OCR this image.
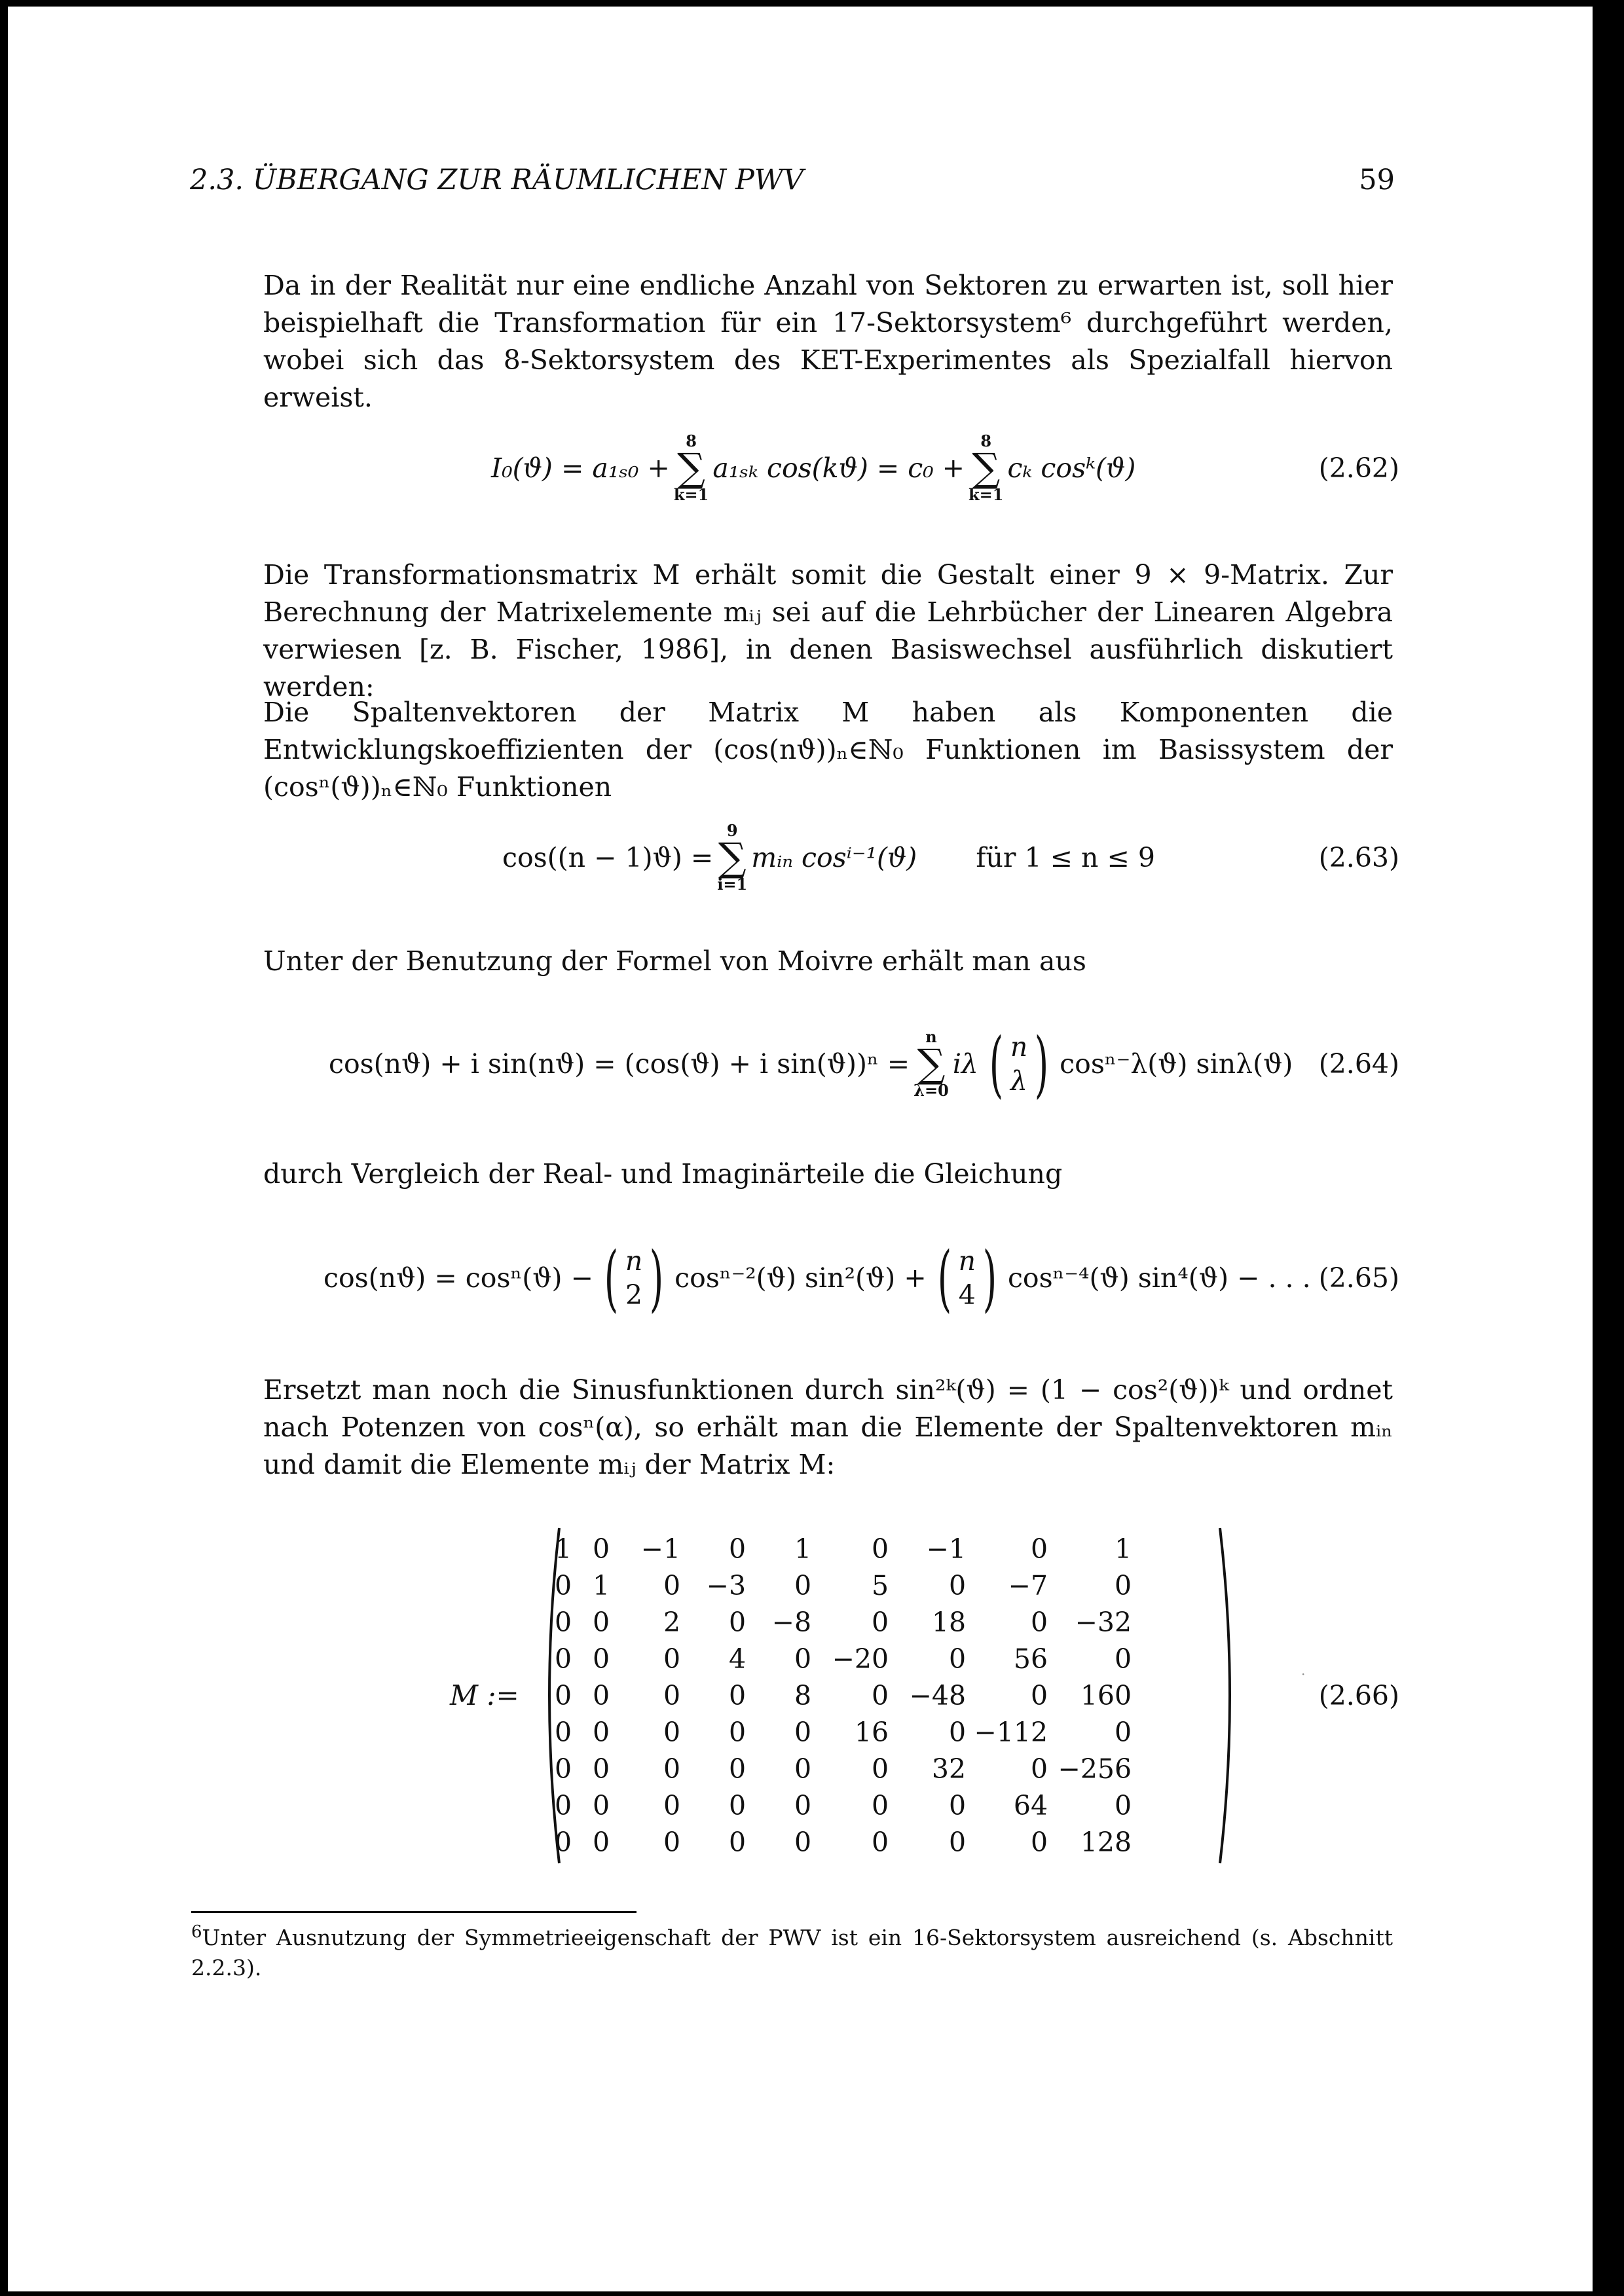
2.3. ÜBERGANG ZUR RÄUMLICHEN PWV	59
Da in der Realität nur eine endliche Anzahl von Sektoren zu erwarten ist, soll hier beispielhaft die Transformation für ein 17-Sektorsystem⁶ durchgeführt werden, wobei sich das 8-Sektorsystem des KET-Experimentes als Spezialfall hiervon erweist.
I₀(ϑ) = a₁ₛ₀ +
8
∑
k=1
a₁ₛₖ cos(kϑ) = c₀ +
8
∑
k=1
cₖ cosᵏ(ϑ)	(2.62)
Die Transformationsmatrix M erhält somit die Gestalt einer 9 × 9-Matrix. Zur Berechnung der Matrixelemente mᵢⱼ sei auf die Lehrbücher der Linearen Algebra verwiesen [z. B. Fischer, 1986], in denen Basiswechsel ausführlich diskutiert werden:
Die Spaltenvektoren der Matrix M haben als Komponenten die Entwicklungskoeffizienten der (cos(nϑ))ₙ∈ℕ₀ Funktionen im Basissystem der (cosⁿ(ϑ))ₙ∈ℕ₀ Funktionen
cos((n − 1)ϑ) =
9
∑
i=1
mᵢₙ cosⁱ⁻¹(ϑ) für 1 ≤ n ≤ 9	(2.63)
Unter der Benutzung der Formel von Moivre erhält man aus
cos(nϑ) + i sin(nϑ) = (cos(ϑ) + i sin(ϑ))ⁿ =
n
∑
λ=0
iλ ( n
λ ) cosⁿ⁻λ(ϑ) sinλ(ϑ) (2.64)
durch Vergleich der Real- und Imaginärteile die Gleichung
cos(nϑ) = cosⁿ(ϑ) − ( n
2 ) cosⁿ⁻²(ϑ) sin²(ϑ) + ( n
4 ) cosⁿ⁻⁴(ϑ) sin⁴(ϑ) − . . . (2.65)
Ersetzt man noch die Sinusfunktionen durch sin²ᵏ(ϑ) = (1 − cos²(ϑ))ᵏ und ordnet nach Potenzen von cosⁿ(α), so erhält man die Elemente der Spaltenvektoren mᵢₙ und damit die Elemente mᵢⱼ der Matrix M:
M :=
1	0	−1	0	1	0	−1	0	1
0	1	0	−3	0	5	0	−7	0
0	0	2	0	−8	0	18	0	−32
0	0	0	4	0	−20	0	56	0
0	0	0	0	8	0	−48	0	160
0	0	0	0	0	16	0	−112	0
0	0	0	0	0	0	32	0	−256
0	0	0	0	0	0	0	64	0
0	0	0	0	0	0	0	0	128
(2.66)
$^6$Unter Ausnutzung der Symmetrieeigenschaft der PWV ist ein 16-Sektorsystem ausreichend (s. Abschnitt 2.2.3).
·
